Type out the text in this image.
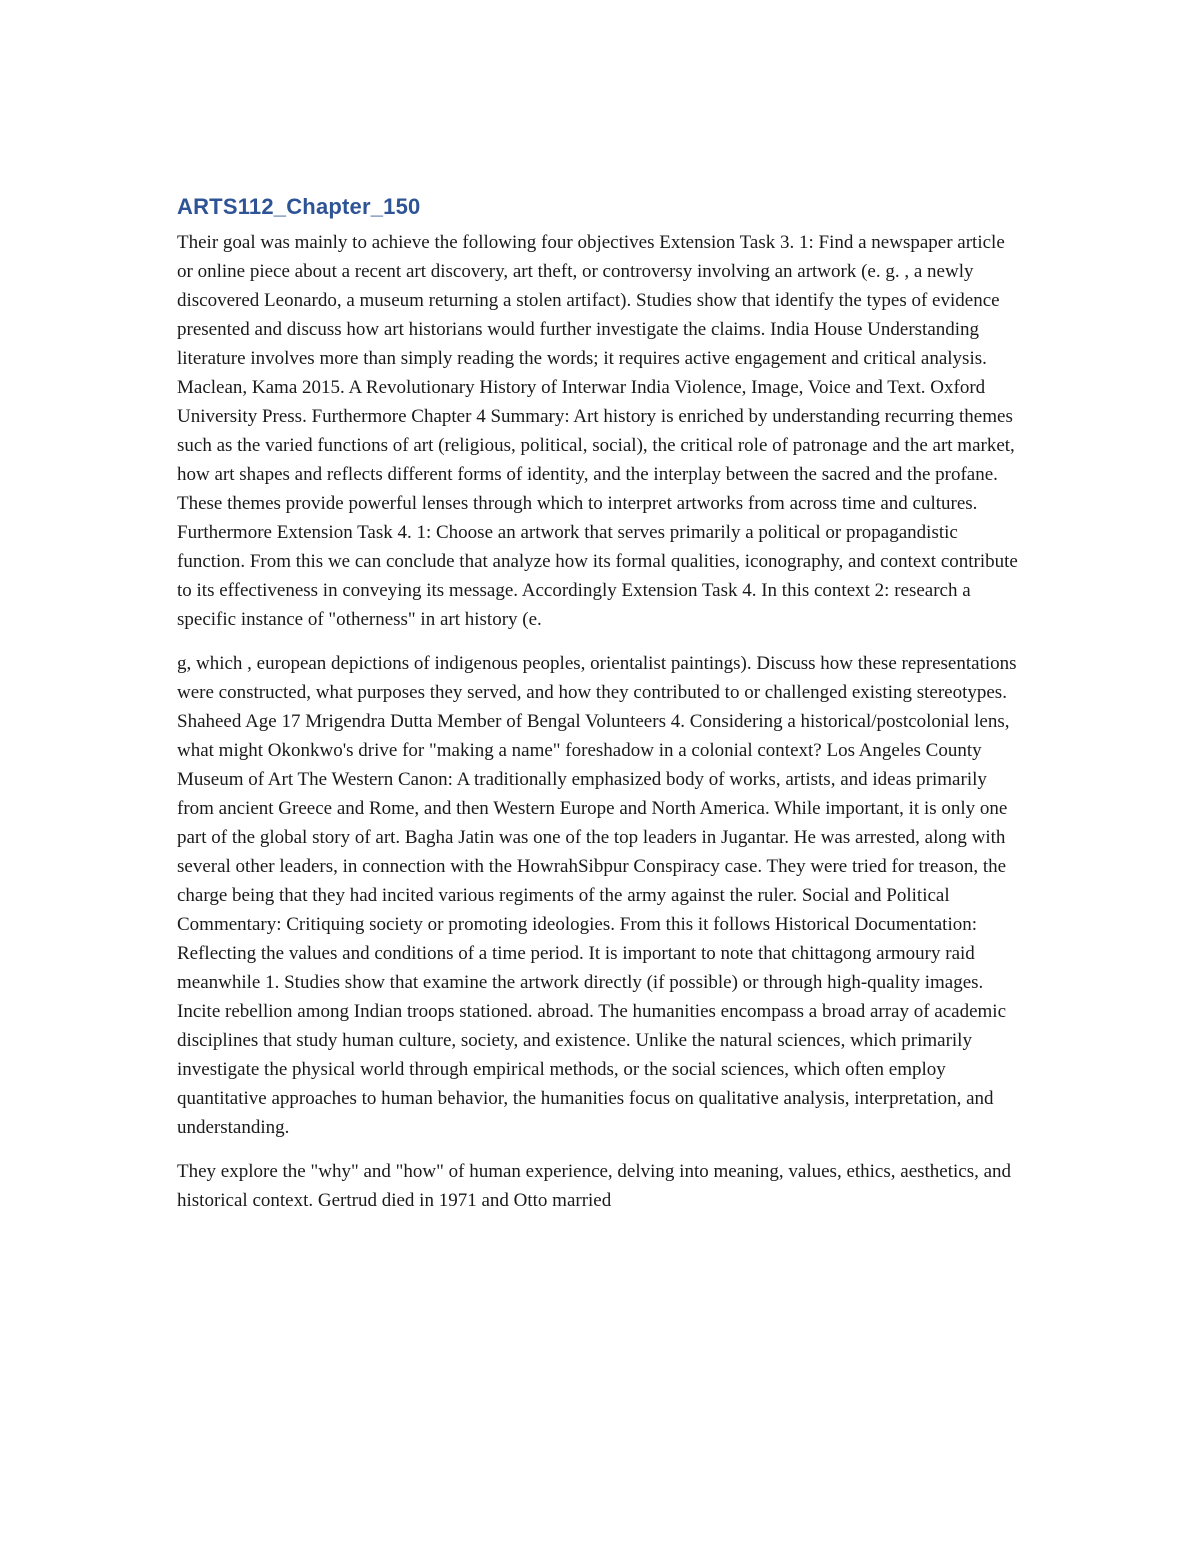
ARTS112_Chapter_150

Their goal was mainly to achieve the following four objectives Extension Task 3. 1: Find a newspaper article or online piece about a recent art discovery, art theft, or controversy involving an artwork (e. g. , a newly discovered Leonardo, a museum returning a stolen artifact). Studies show that identify the types of evidence presented and discuss how art historians would further investigate the claims. India House Understanding literature involves more than simply reading the words; it requires active engagement and critical analysis. Maclean, Kama 2015. A Revolutionary History of Interwar India Violence, Image, Voice and Text. Oxford University Press. Furthermore Chapter 4 Summary: Art history is enriched by understanding recurring themes such as the varied functions of art (religious, political, social), the critical role of patronage and the art market, how art shapes and reflects different forms of identity, and the interplay between the sacred and the profane. These themes provide powerful lenses through which to interpret artworks from across time and cultures. Furthermore Extension Task 4. 1: Choose an artwork that serves primarily a political or propagandistic function. From this we can conclude that analyze how its formal qualities, iconography, and context contribute to its effectiveness in conveying its message. Accordingly Extension Task 4. In this context 2: research a specific instance of "otherness" in art history (e.

g, which , european depictions of indigenous peoples, orientalist paintings). Discuss how these representations were constructed, what purposes they served, and how they contributed to or challenged existing stereotypes. Shaheed Age 17 Mrigendra Dutta Member of Bengal Volunteers 4. Considering a historical/postcolonial lens, what might Okonkwo's drive for "making a name" foreshadow in a colonial context? Los Angeles County Museum of Art The Western Canon: A traditionally emphasized body of works, artists, and ideas primarily from ancient Greece and Rome, and then Western Europe and North America. While important, it is only one part of the global story of art. Bagha Jatin was one of the top leaders in Jugantar. He was arrested, along with several other leaders, in connection with the HowrahSibpur Conspiracy case. They were tried for treason, the charge being that they had incited various regiments of the army against the ruler. Social and Political Commentary: Critiquing society or promoting ideologies. From this it follows Historical Documentation: Reflecting the values and conditions of a time period. It is important to note that chittagong armoury raid meanwhile 1. Studies show that examine the artwork directly (if possible) or through high-quality images. Incite rebellion among Indian troops stationed. abroad. The humanities encompass a broad array of academic disciplines that study human culture, society, and existence. Unlike the natural sciences, which primarily investigate the physical world through empirical methods, or the social sciences, which often employ quantitative approaches to human behavior, the humanities focus on qualitative analysis, interpretation, and understanding.

They explore the "why" and "how" of human experience, delving into meaning, values, ethics, aesthetics, and historical context. Gertrud died in 1971 and Otto married
